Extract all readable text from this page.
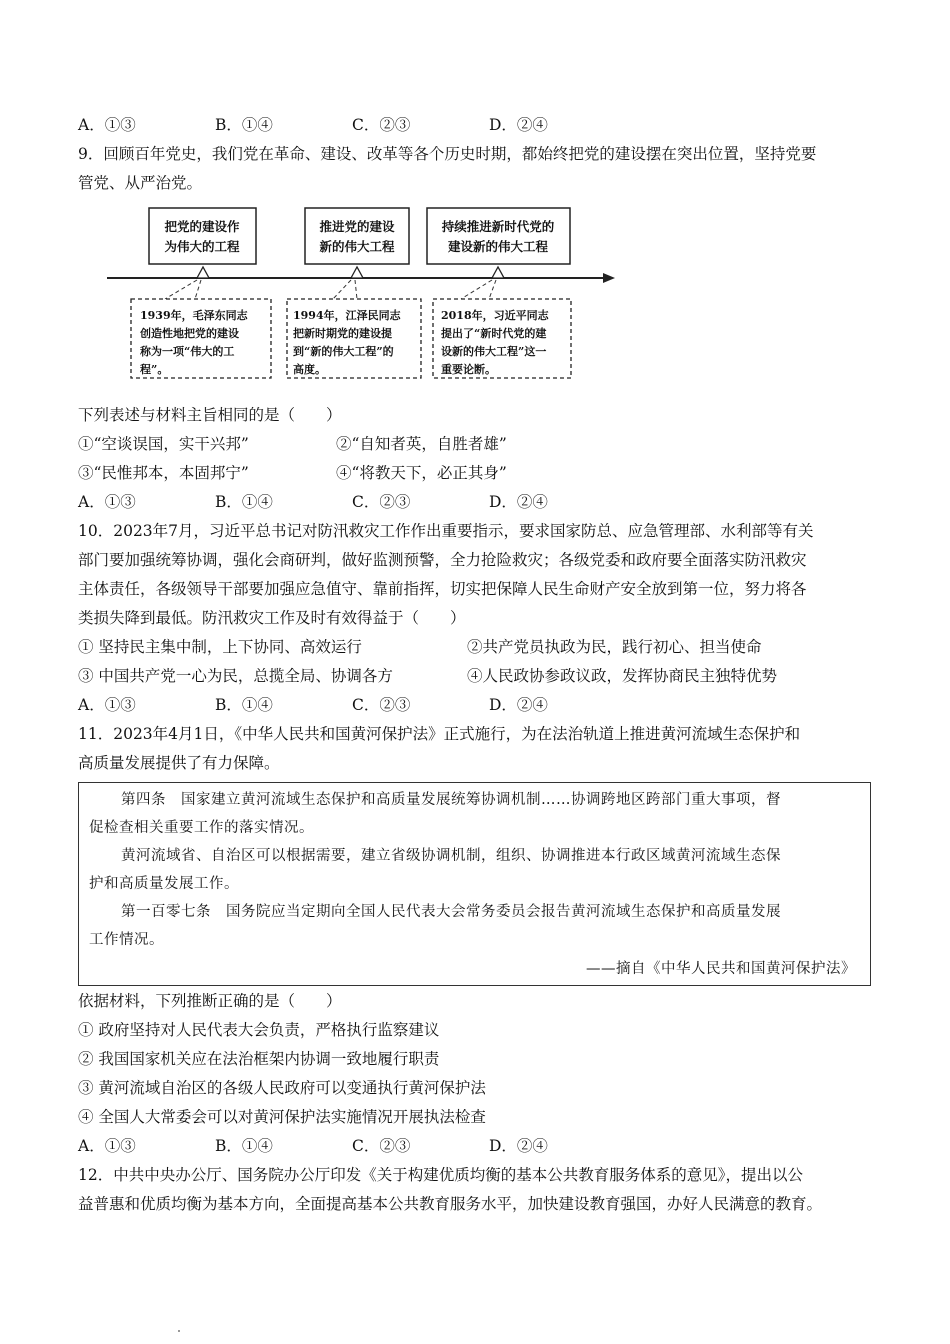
A．①③	B．①④	C．②③	D．②④
9．回顾百年党史，我们党在革命、建设、改革等各个历史时期，都始终把党的建设摆在突出位置，坚持党要
管党、从严治党。
把党的建设作
为伟大的工程
推进党的建设
新的伟大工程
持续推进新时代党的
建设新的伟大工程
1939年，毛泽东同志
创造性地把党的建设
称为一项“伟大的工
程”。
1994年，江泽民同志
把新时期党的建设提
到“新的伟大工程”的
高度。
2018年，习近平同志
提出了“新时代党的建
设新的伟大工程”这一
重要论断。
下列表述与材料主旨相同的是（　　）
①“空谈误国，实干兴邦”	②“自知者英，自胜者雄”
③“民惟邦本，本固邦宁”	④“将教天下，必正其身”
A．①③	B．①④	C．②③	D．②④
10．2023年7月，习近平总书记对防汛救灾工作作出重要指示，要求国家防总、应急管理部、水利部等有关
部门要加强统筹协调，强化会商研判，做好监测预警，全力抢险救灾；各级党委和政府要全面落实防汛救灾
主体责任，各级领导干部要加强应急值守、靠前指挥，切实把保障人民生命财产安全放到第一位，努力将各
类损失降到最低。防汛救灾工作及时有效得益于（　　）
① 坚持民主集中制，上下协同、高效运行	②共产党员执政为民，践行初心、担当使命
③ 中国共产党一心为民，总揽全局、协调各方	④人民政协参政议政，发挥协商民主独特优势
A．①③	B．①④	C．②③	D．②④
11．2023年4月1日，《中华人民共和国黄河保护法》正式施行，为在法治轨道上推进黄河流域生态保护和
高质量发展提供了有力保障。
第四条　国家建立黄河流域生态保护和高质量发展统筹协调机制……协调跨地区跨部门重大事项，督
促检查相关重要工作的落实情况。
黄河流域省、自治区可以根据需要，建立省级协调机制，组织、协调推进本行政区域黄河流域生态保
护和高质量发展工作。
第一百零七条　国务院应当定期向全国人民代表大会常务委员会报告黄河流域生态保护和高质量发展
工作情况。
——摘自《中华人民共和国黄河保护法》
依据材料，下列推断正确的是（　　）
① 政府坚持对人民代表大会负责，严格执行监察建议
② 我国国家机关应在法治框架内协调一致地履行职责
③ 黄河流域自治区的各级人民政府可以变通执行黄河保护法
④ 全国人大常委会可以对黄河保护法实施情况开展执法检查
A．①③	B．①④	C．②③	D．②④
12．中共中央办公厅、国务院办公厅印发《关于构建优质均衡的基本公共教育服务体系的意见》，提出以公
益普惠和优质均衡为基本方向，全面提高基本公共教育服务水平，加快建设教育强国，办好人民满意的教育。
